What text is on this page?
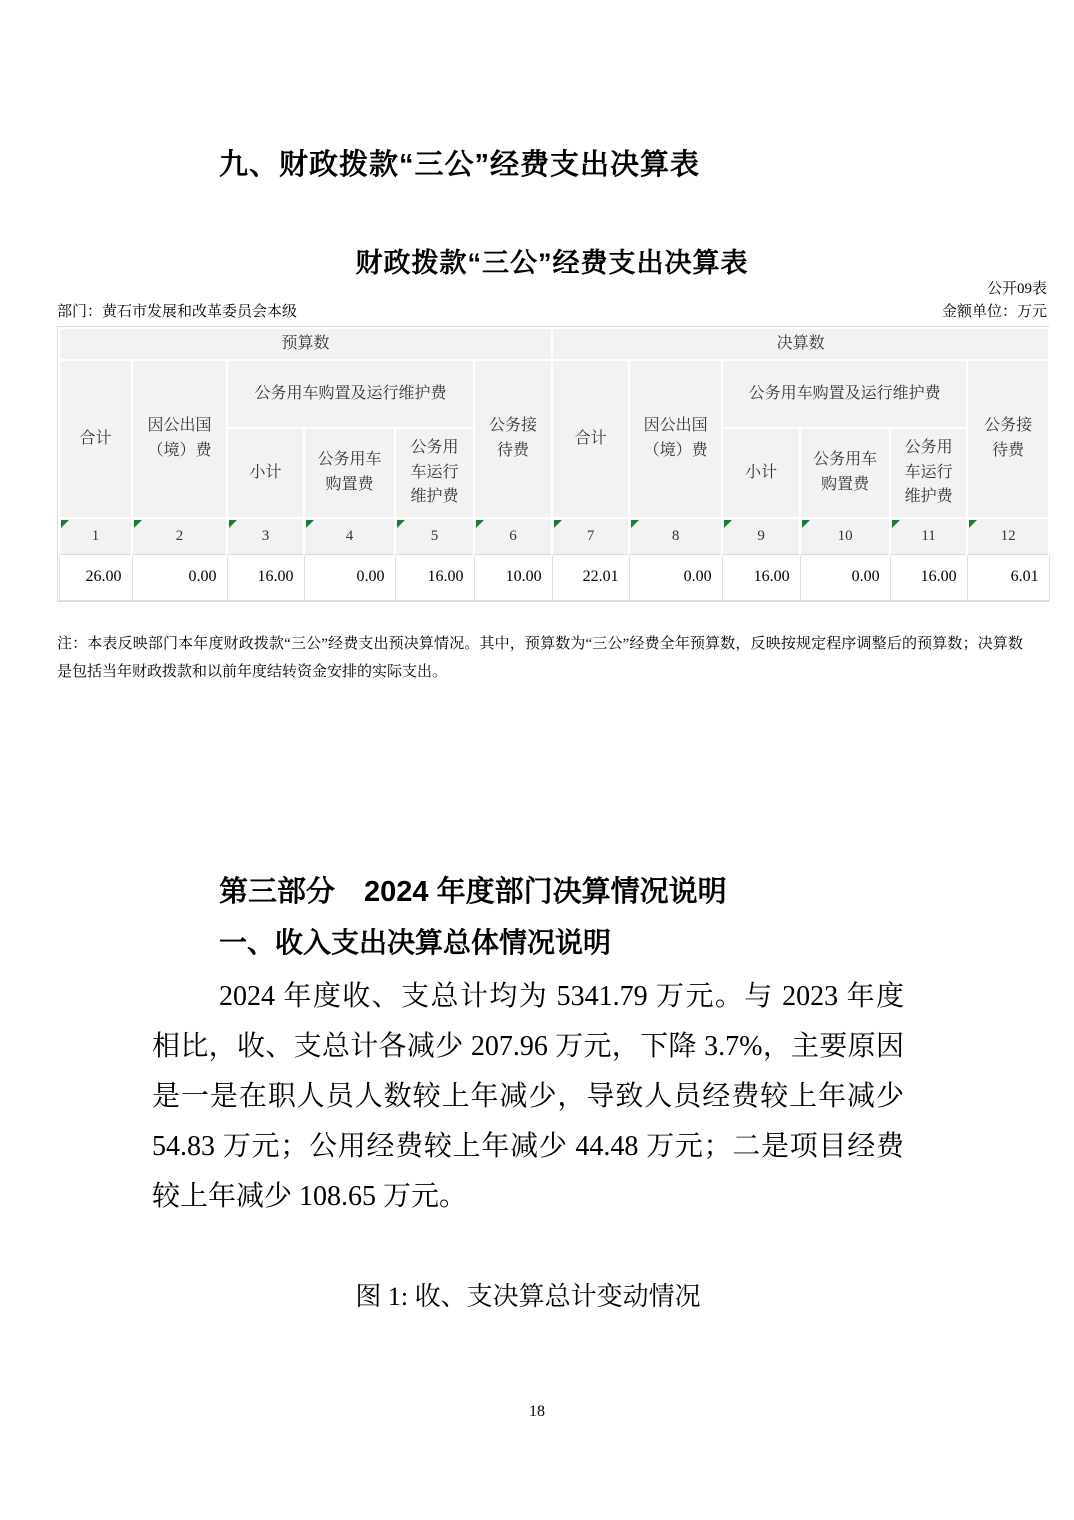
九、财政拨款“三公”经费支出决算表
财政拨款“三公”经费支出决算表
公开09表
部门：黄石市发展和改革委员会本级	金额单位：万元
预算数						决算数					
合计	因公出国（境）费	公务用车购置及运行维护费			公务接待费	合计	因公出国（境）费	公务用车购置及运行维护费			公务接待费
		小计	公务用车购置费	公务用车运行维护费				小计	公务用车购置费	公务用车运行维护费	

1	2	3	4	5	6	7	8	9	10	11	12
26.00	0.00	16.00	0.00	16.00	10.00	22.01	0.00	16.00	0.00	16.00	6.01
注：本表反映部门本年度财政拨款“三公”经费支出预决算情况。其中，预算数为“三公”经费全年预算数，反映按规定程序调整后的预算数；决算数是包括当年财政拨款和以前年度结转资金安排的实际支出。
第三部分　2024 年度部门决算情况说明
一、收入支出决算总体情况说明
2024 年度收、支总计均为 5341.79 万元。与 2023 年度相比，收、支总计各减少 207.96 万元，下降 3.7%，主要原因是一是在职人员人数较上年减少，导致人员经费较上年减少 54.83 万元；公用经费较上年减少 44.48 万元；二是项目经费较上年减少 108.65 万元。
图 1: 收、支决算总计变动情况
18
